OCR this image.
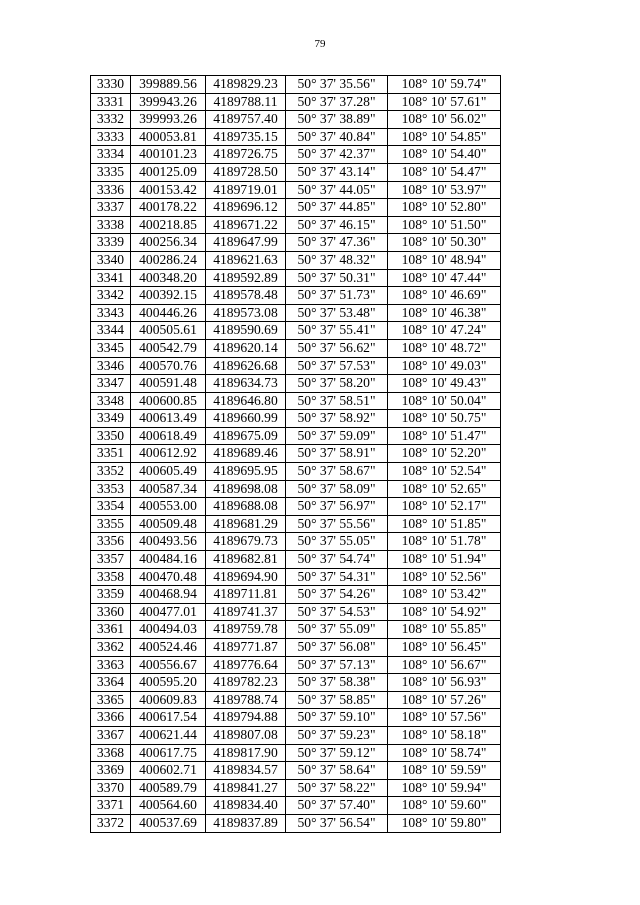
79
3330	399889.56	4189829.23	50° 37' 35.56"	108° 10' 59.74"
3331	399943.26	4189788.11	50° 37' 37.28"	108° 10' 57.61"
3332	399993.26	4189757.40	50° 37' 38.89"	108° 10' 56.02"
3333	400053.81	4189735.15	50° 37' 40.84"	108° 10' 54.85"
3334	400101.23	4189726.75	50° 37' 42.37"	108° 10' 54.40"
3335	400125.09	4189728.50	50° 37' 43.14"	108° 10' 54.47"
3336	400153.42	4189719.01	50° 37' 44.05"	108° 10' 53.97"
3337	400178.22	4189696.12	50° 37' 44.85"	108° 10' 52.80"
3338	400218.85	4189671.22	50° 37' 46.15"	108° 10' 51.50"
3339	400256.34	4189647.99	50° 37' 47.36"	108° 10' 50.30"
3340	400286.24	4189621.63	50° 37' 48.32"	108° 10' 48.94"
3341	400348.20	4189592.89	50° 37' 50.31"	108° 10' 47.44"
3342	400392.15	4189578.48	50° 37' 51.73"	108° 10' 46.69"
3343	400446.26	4189573.08	50° 37' 53.48"	108° 10' 46.38"
3344	400505.61	4189590.69	50° 37' 55.41"	108° 10' 47.24"
3345	400542.79	4189620.14	50° 37' 56.62"	108° 10' 48.72"
3346	400570.76	4189626.68	50° 37' 57.53"	108° 10' 49.03"
3347	400591.48	4189634.73	50° 37' 58.20"	108° 10' 49.43"
3348	400600.85	4189646.80	50° 37' 58.51"	108° 10' 50.04"
3349	400613.49	4189660.99	50° 37' 58.92"	108° 10' 50.75"
3350	400618.49	4189675.09	50° 37' 59.09"	108° 10' 51.47"
3351	400612.92	4189689.46	50° 37' 58.91"	108° 10' 52.20"
3352	400605.49	4189695.95	50° 37' 58.67"	108° 10' 52.54"
3353	400587.34	4189698.08	50° 37' 58.09"	108° 10' 52.65"
3354	400553.00	4189688.08	50° 37' 56.97"	108° 10' 52.17"
3355	400509.48	4189681.29	50° 37' 55.56"	108° 10' 51.85"
3356	400493.56	4189679.73	50° 37' 55.05"	108° 10' 51.78"
3357	400484.16	4189682.81	50° 37' 54.74"	108° 10' 51.94"
3358	400470.48	4189694.90	50° 37' 54.31"	108° 10' 52.56"
3359	400468.94	4189711.81	50° 37' 54.26"	108° 10' 53.42"
3360	400477.01	4189741.37	50° 37' 54.53"	108° 10' 54.92"
3361	400494.03	4189759.78	50° 37' 55.09"	108° 10' 55.85"
3362	400524.46	4189771.87	50° 37' 56.08"	108° 10' 56.45"
3363	400556.67	4189776.64	50° 37' 57.13"	108° 10' 56.67"
3364	400595.20	4189782.23	50° 37' 58.38"	108° 10' 56.93"
3365	400609.83	4189788.74	50° 37' 58.85"	108° 10' 57.26"
3366	400617.54	4189794.88	50° 37' 59.10"	108° 10' 57.56"
3367	400621.44	4189807.08	50° 37' 59.23"	108° 10' 58.18"
3368	400617.75	4189817.90	50° 37' 59.12"	108° 10' 58.74"
3369	400602.71	4189834.57	50° 37' 58.64"	108° 10' 59.59"
3370	400589.79	4189841.27	50° 37' 58.22"	108° 10' 59.94"
3371	400564.60	4189834.40	50° 37' 57.40"	108° 10' 59.60"
3372	400537.69	4189837.89	50° 37' 56.54"	108° 10' 59.80"
